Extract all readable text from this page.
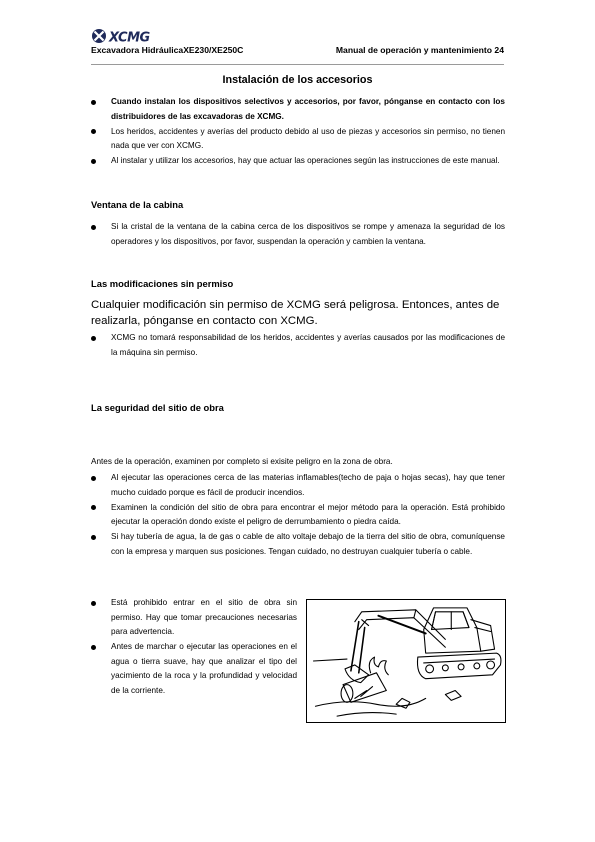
XCMG
Excavadora HidráulicaXE230/XE250C	Manual de operación y mantenimiento 24
Instalación de los accesorios
Cuando instalan los dispositivos selectivos y accesorios, por favor, pónganse en contacto con los distribuidores de las excavadoras de XCMG.
Los heridos, accidentes y averías del producto debido al uso de piezas y accesorios sin permiso, no tienen nada que ver con XCMG.
Al instalar y utilizar los accesorios, hay que actuar las operaciones según las instrucciones de este manual.
Ventana de la cabina
Si la cristal de la ventana de la cabina cerca de los dispositivos se rompe y amenaza la seguridad de los operadores y los dispositivos, por favor, suspendan la operación y cambien la ventana.
Las modificaciones sin permiso
Cualquier modificación sin permiso de XCMG será peligrosa. Entonces, antes de realizarla, pónganse en contacto con XCMG.
XCMG no tomará responsabilidad de los heridos, accidentes y averías causados por las modificaciones de la máquina sin permiso.
La seguridad del sitio de obra
Antes de la operación, examinen por completo si exisite peligro en la zona de obra.
Al ejecutar las operaciones cerca de las materias inflamables(techo de paja o hojas secas), hay que tener mucho cuidado porque es fácil de producir incendios.
Examinen la condición del sitio de obra para encontrar el mejor método para la operación. Está prohibido ejecutar la operación dondo existe el peligro de derrumbamiento o piedra caída.
Si hay tubería de agua, la de gas o cable de alto voltaje debajo de la tierra del sitio de obra, comuníquense con la empresa y marquen sus posiciones. Tengan cuidado, no destruyan cualquier tubería o cable.
Está prohibido entrar en el sitio de obra sin permiso. Hay que tomar precauciones necesarias para advertencia.
Antes de marchar o ejecutar las operaciones en el agua o tierra suave, hay que analizar el tipo del yacimiento de la roca y la profundidad y velocidad de la corriente.
